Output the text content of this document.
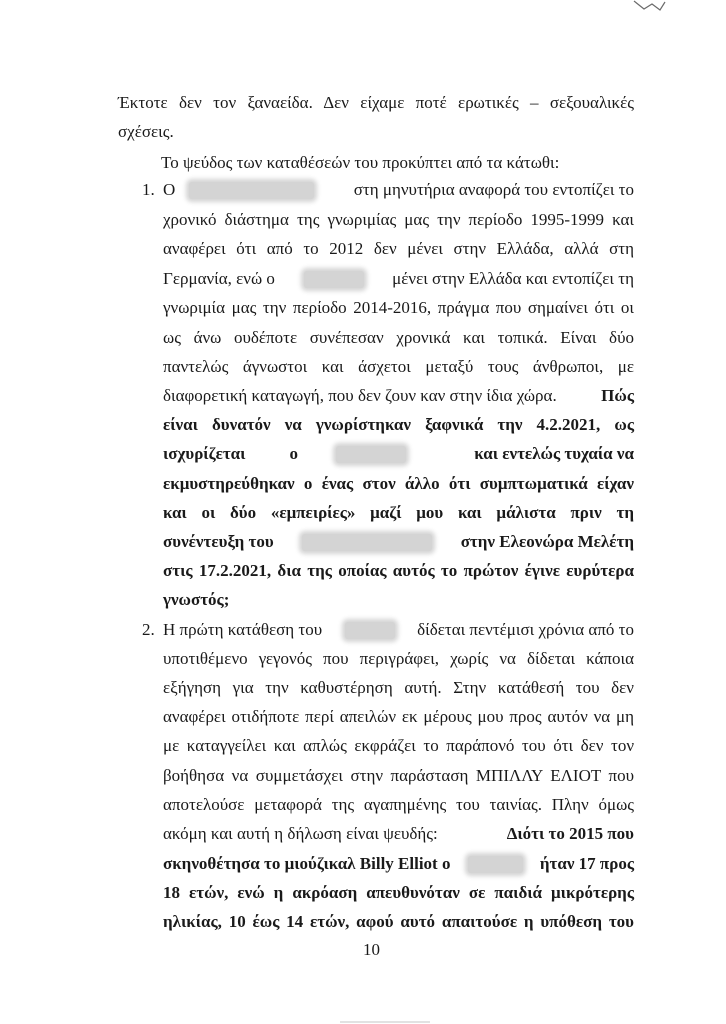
Έκτοτε δεν τον ξαναείδα. Δεν είχαμε ποτέ ερωτικές – σεξουαλικές
σχέσεις.
Το ψεύδος των καταθέσεών του προκύπτει από τα κάτωθι:
1. Ο	στη μηνυτήρια αναφορά του εντοπίζει το
χρονικό διάστημα της γνωριμίας μας την περίοδο 1995-1999 και
αναφέρει ότι από το 2012 δεν μένει στην Ελλάδα, αλλά στη
Γερμανία, ενώ ο	μένει στην Ελλάδα και εντοπίζει τη
γνωριμία μας την περίοδο 2014-2016, πράγμα που σημαίνει ότι οι
ως άνω ουδέποτε συνέπεσαν χρονικά και τοπικά. Είναι δύο
παντελώς άγνωστοι και άσχετοι μεταξύ τους άνθρωποι, με
διαφορετική καταγωγή, που δεν ζουν καν στην ίδια χώρα.	Πώς
είναι δυνατόν να γνωρίστηκαν ξαφνικά την 4.2.2021, ως
ισχυρίζεται	ο	και εντελώς τυχαία να
εκμυστηρεύθηκαν ο ένας στον άλλο ότι συμπτωματικά είχαν
και οι δύο «εμπειρίες» μαζί μου και μάλιστα πριν τη
συνέντευξη του	στην Ελεονώρα Μελέτη
στις 17.2.2021, δια της οποίας αυτός το πρώτον έγινε ευρύτερα
γνωστός;
2. Η πρώτη κατάθεση του	δίδεται πεντέμισι χρόνια από το
υποτιθέμενο γεγονός που περιγράφει, χωρίς να δίδεται κάποια
εξήγηση για την καθυστέρηση αυτή. Στην κατάθεσή του δεν
αναφέρει οτιδήποτε περί απειλών εκ μέρους μου προς αυτόν να μη
με καταγγείλει και απλώς εκφράζει το παράπονό του ότι δεν τον
βοήθησα να συμμετάσχει στην παράσταση ΜΠΙΛΛΥ ΕΛΙΟΤ που
αποτελούσε μεταφορά της αγαπημένης του ταινίας. Πλην όμως
ακόμη και αυτή η δήλωση είναι ψευδής:	Διότι το 2015 που
σκηνοθέτησα το μιούζικαλ Billy Elliot ο	ήταν 17 προς
18 ετών, ενώ η ακρόαση απευθυνόταν σε παιδιά μικρότερης
ηλικίας, 10 έως 14 ετών, αφού αυτό απαιτούσε η υπόθεση του
10
